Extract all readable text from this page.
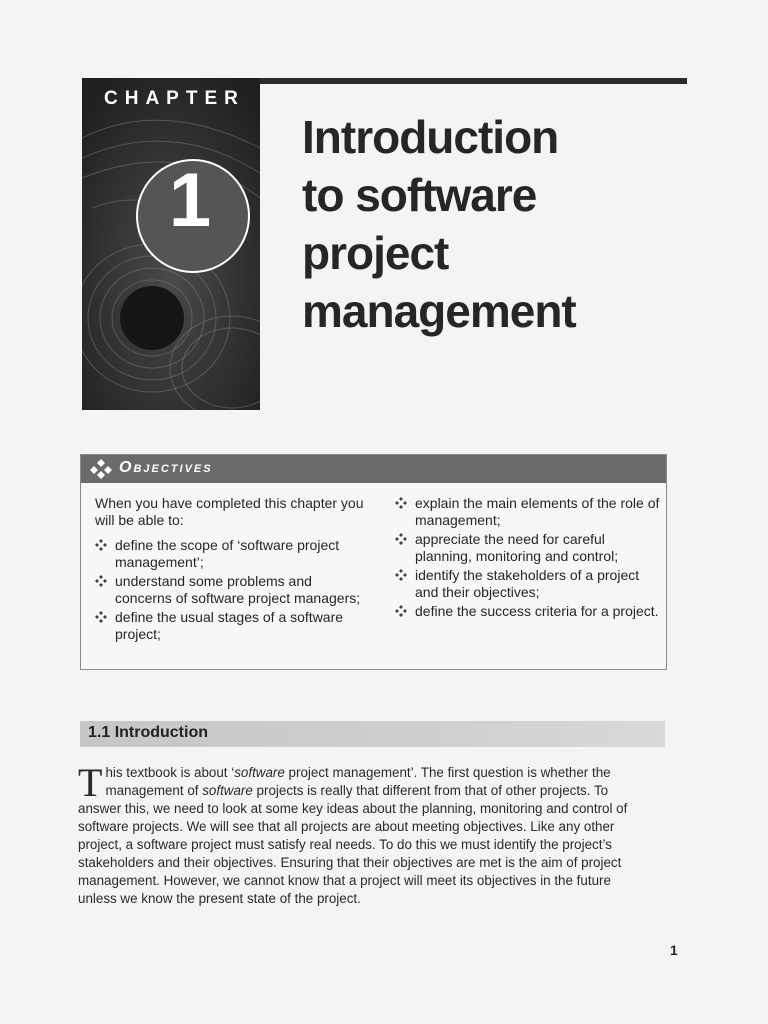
CHAPTER
1
Introduction
to software
project
management
Objectives

When you have completed this chapter you will be able to:

define the scope of ‘software project management’;
understand some problems and concerns of software project managers;
define the usual stages of a software project;
explain the main elements of the role of management;
appreciate the need for careful planning, monitoring and control;
identify the stakeholders of a project and their objectives;
define the success criteria for a project.
1.1 Introduction
This textbook is about ‘software project management’. The first question is whether the management of software projects is really that different from that of other projects. To answer this, we need to look at some key ideas about the planning, monitoring and control of software projects. We will see that all projects are about meeting objectives. Like any other project, a software project must satisfy real needs. To do this we must identify the project’s stakeholders and their objectives. Ensuring that their objectives are met is the aim of project management. However, we cannot know that a project will meet its objectives in the future unless we know the present state of the project.
1
